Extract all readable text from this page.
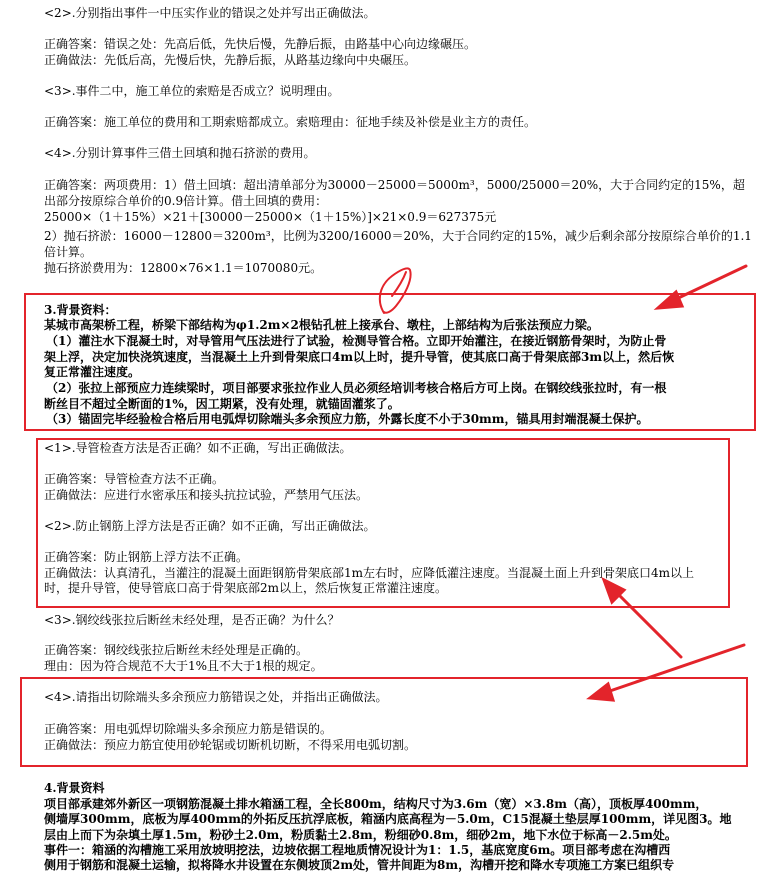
<2>.分别指出事件一中压实作业的错误之处并写出正确做法。
正确答案：错误之处：先高后低，先快后慢，先静后振，由路基中心向边缘碾压。
正确做法：先低后高，先慢后快，先静后振，从路基边缘向中央碾压。
<3>.事件二中，施工单位的索赔是否成立？说明理由。
正确答案：施工单位的费用和工期索赔都成立。索赔理由：征地手续及补偿是业主方的责任。
<4>.分别计算事件三借土回填和抛石挤淤的费用。
正确答案：两项费用：1）借土回填：超出清单部分为30000－25000＝5000m³，5000/25000＝20%，大于合同约定的15%，超
出部分按原综合单价的0.9倍计算。借土回填的费用：
25000×（1＋15%）×21＋[30000－25000×（1＋15%）]×21×0.9＝627375元
2）抛石挤淤：16000－12800＝3200m³，比例为3200/16000＝20%，大于合同约定的15%，减少后剩余部分按原综合单价的1.1
倍计算。
抛石挤淤费用为：12800×76×1.1＝1070080元。
3.背景资料：
某城市高架桥工程，桥梁下部结构为φ1.2m×2根钻孔桩上接承台、墩柱，上部结构为后张法预应力梁。
（1）灌注水下混凝土时，对导管用气压法进行了试验，检测导管合格。立即开始灌注，在接近钢筋骨架时，为防止骨
架上浮，决定加快浇筑速度，当混凝土上升到骨架底口4m以上时，提升导管，使其底口高于骨架底部3m以上，然后恢
复正常灌注速度。
（2）张拉上部预应力连续梁时，项目部要求张拉作业人员必须经培训考核合格后方可上岗。在钢绞线张拉时，有一根
断丝目不超过全断面的1%，因工期紧，没有处理，就锚固灌浆了。
（3）锚固完毕经验检合格后用电弧焊切除端头多余预应力筋，外露长度不小于30mm，锚具用封端混凝土保护。
<1>.导管检查方法是否正确？如不正确，写出正确做法。
正确答案：导管检查方法不正确。
正确做法：应进行水密承压和接头抗拉试验，严禁用气压法。
<2>.防止钢筋上浮方法是否正确？如不正确，写出正确做法。
正确答案：防止钢筋上浮方法不正确。
正确做法：认真清孔，当灌注的混凝土面距钢筋骨架底部1m左右时，应降低灌注速度。当混凝土面上升到骨架底口4m以上
时，提升导管，使导管底口高于骨架底部2m以上，然后恢复正常灌注速度。
<3>.钢绞线张拉后断丝未经处理，是否正确？为什么？
正确答案：钢绞线张拉后断丝未经处理是正确的。
理由：因为符合规范不大于1%且不大于1根的规定。
<4>.请指出切除端头多余预应力筋错误之处，并指出正确做法。
正确答案：用电弧焊切除端头多余预应力筋是错误的。
正确做法：预应力筋宜使用砂轮锯或切断机切断，不得采用电弧切割。
4.背景资料
项目部承建郊外新区一项钢筋混凝土排水箱涵工程，全长800m，结构尺寸为3.6m（宽）×3.8m（高），顶板厚400mm，
侧墙厚300mm，底板为厚400mm的外拓反压抗浮底板，箱涵内底高程为－5.0m，C15混凝土垫层厚100mm，详见图3。地
层由上而下为杂填土厚1.5m，粉砂土2.0m，粉质黏土2.8m，粉细砂0.8m，细砂2m，地下水位于标高－2.5m处。
事件一：箱涵的沟槽施工采用放坡明挖法，边坡依据工程地质情况设计为1：1.5，基底宽度6m。项目部考虑在沟槽西
侧用于钢筋和混凝土运输，拟将降水井设置在东侧坡顶2m处，管井间距为8m，沟槽开挖和降水专项施工方案已组织专
